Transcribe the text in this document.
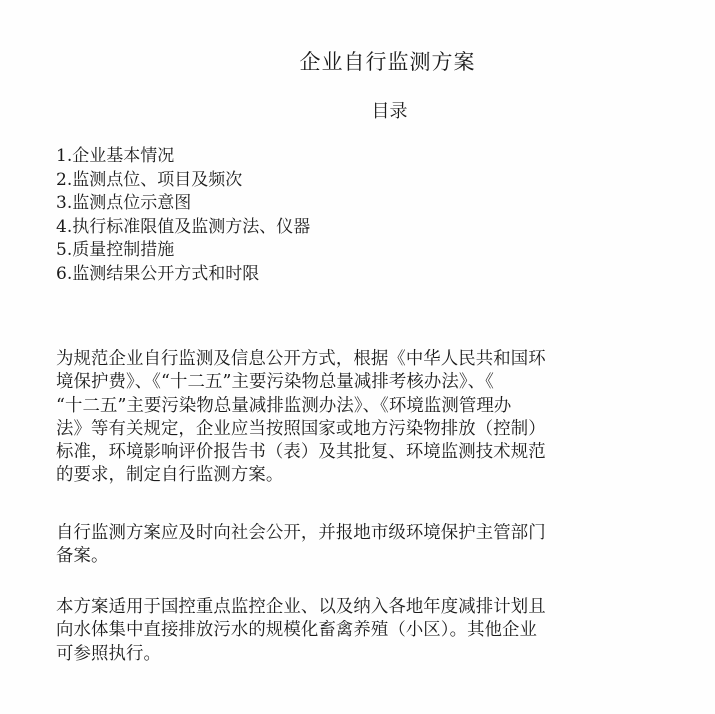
企业自行监测方案
目录
1.企业基本情况
2.监测点位、项目及频次
3.监测点位示意图
4.执行标准限值及监测方法、仪器
5.质量控制措施
6.监测结果公开方式和时限

为规范企业自行监测及信息公开方式，根据《中华人民共和国环
境保护费》、《“十二五”主要污染物总量减排考核办法》、《
“十二五”主要污染物总量减排监测办法》、《环境监测管理办
法》等有关规定，企业应当按照国家或地方污染物排放（控制）
标准，环境影响评价报告书（表）及其批复、环境监测技术规范
的要求，制定自行监测方案。

自行监测方案应及时向社会公开，并报地市级环境保护主管部门
备案。

本方案适用于国控重点监控企业、以及纳入各地年度减排计划且
向水体集中直接排放污水的规模化畜禽养殖（小区）。其他企业
可参照执行。
